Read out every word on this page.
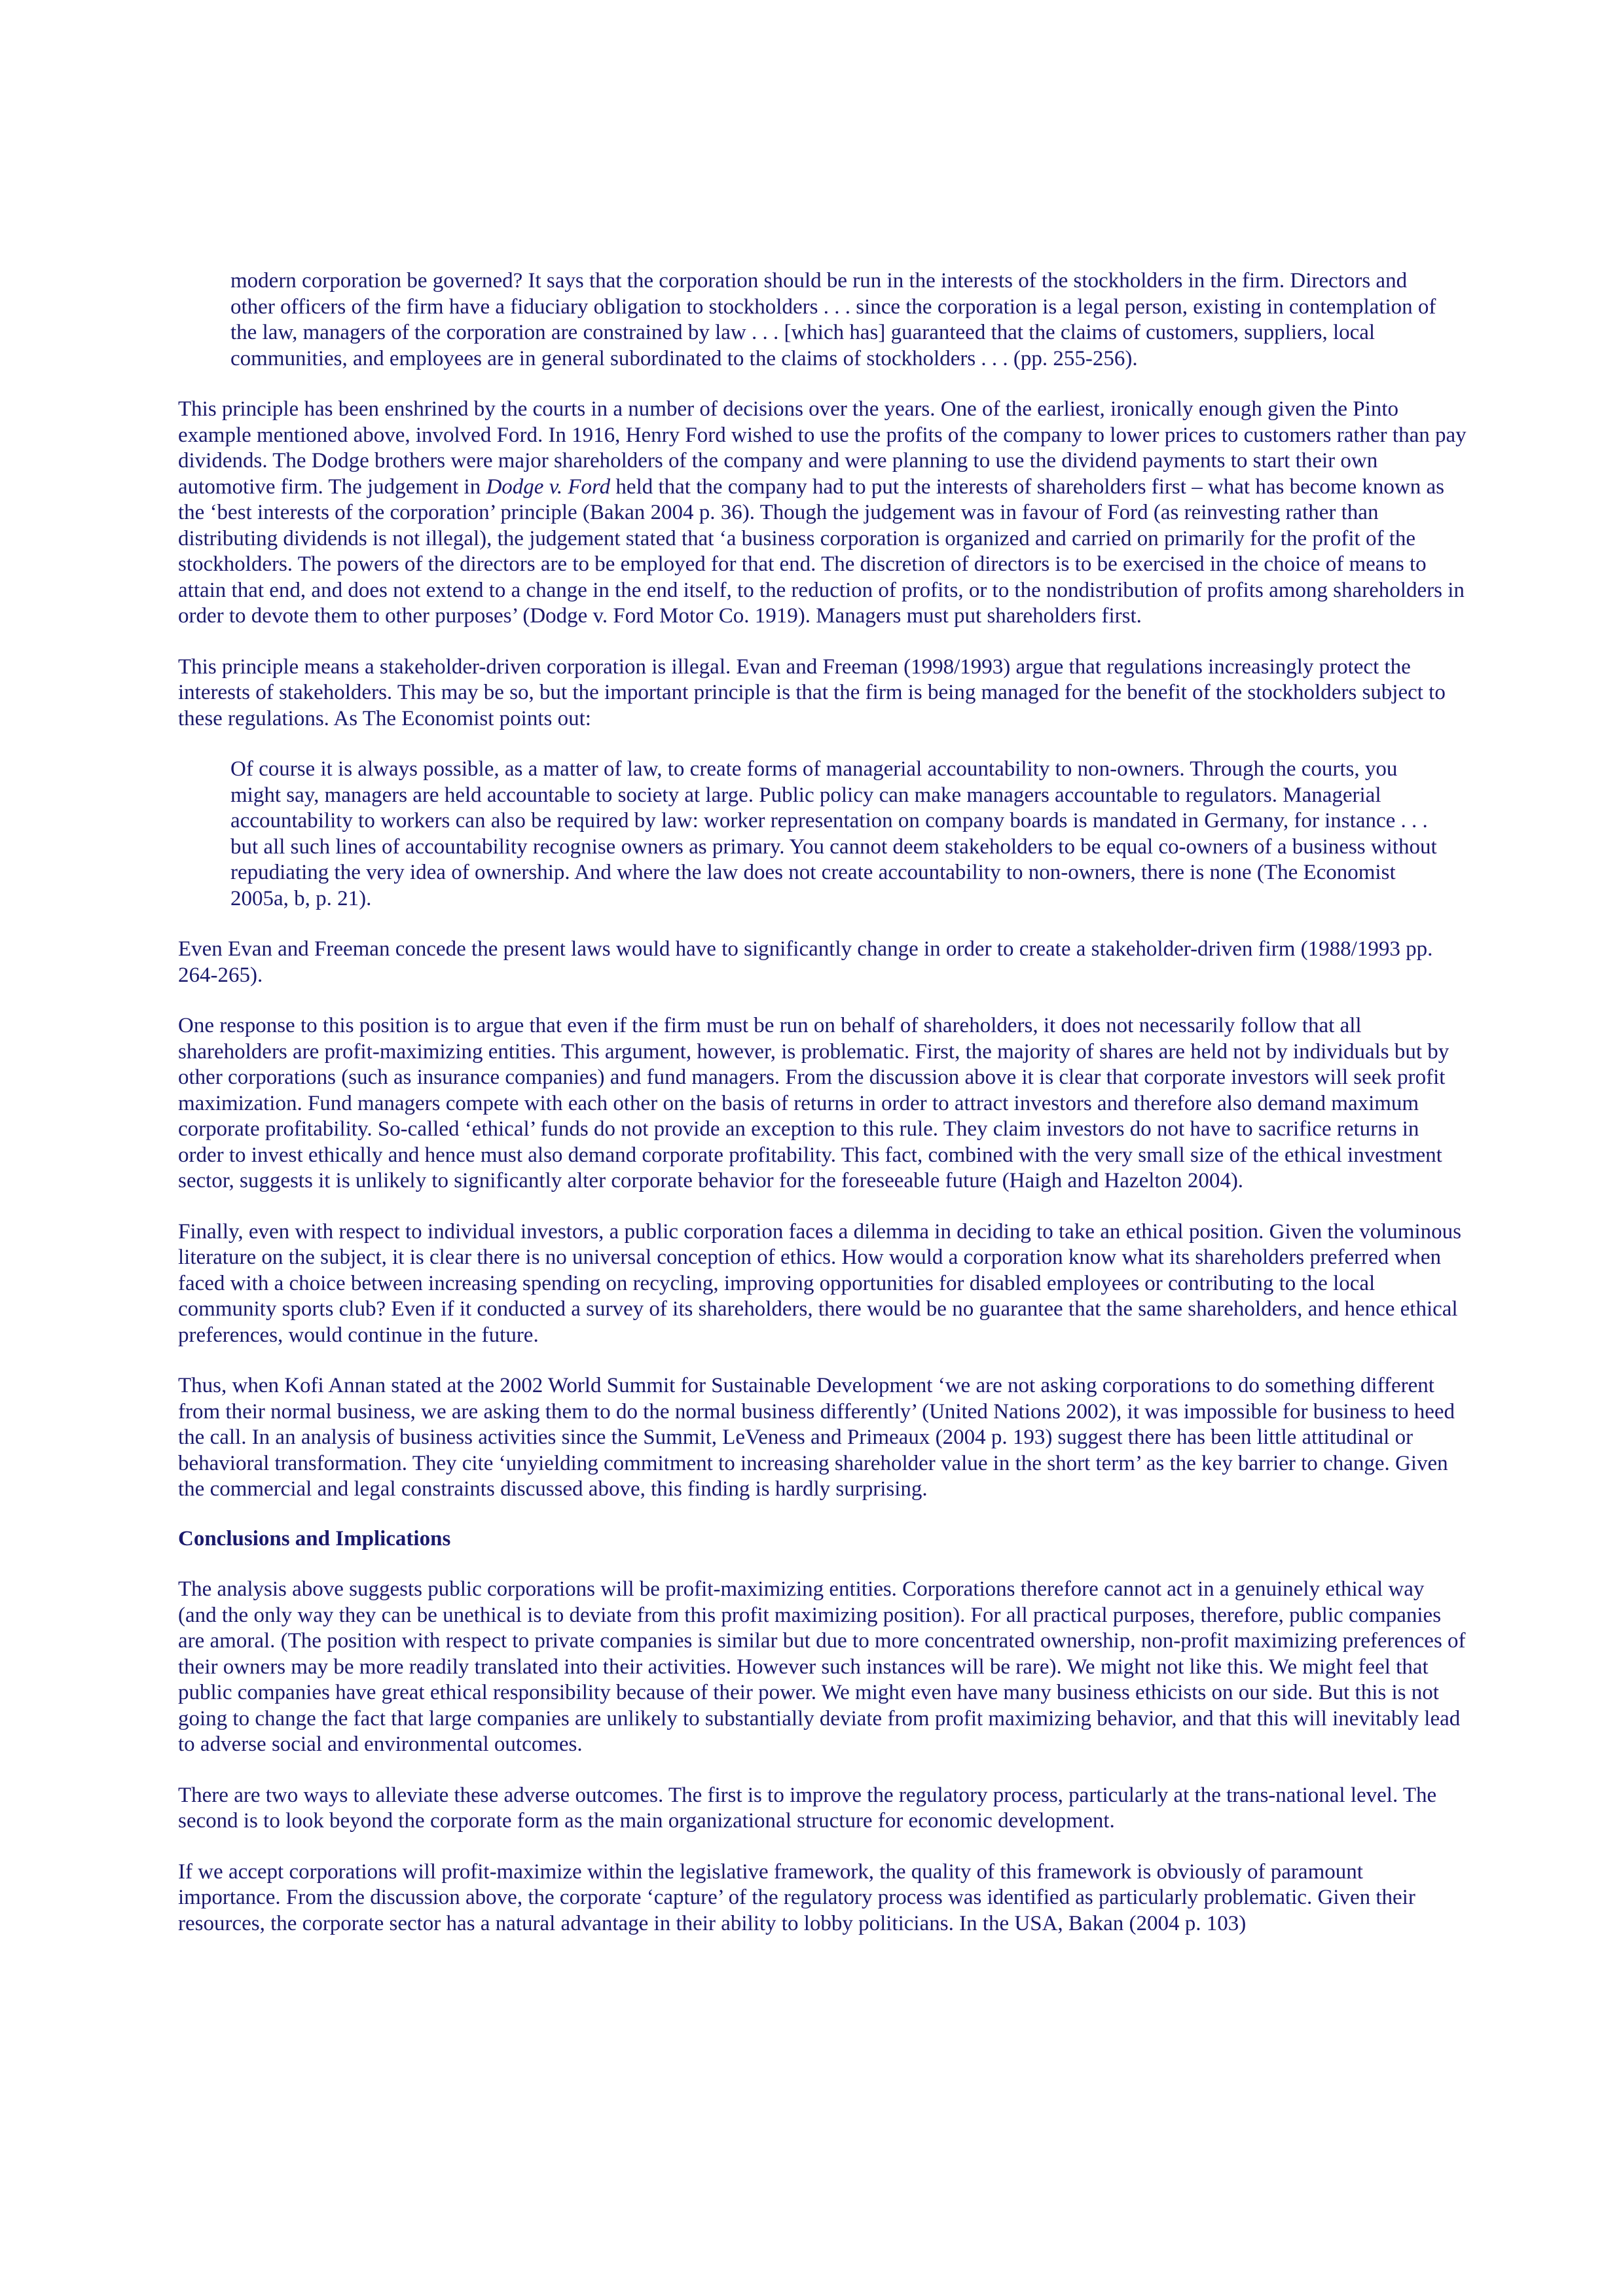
modern corporation be governed? It says that the corporation should be run in the interests of the stockholders in the firm. Directors and other officers of the firm have a fiduciary obligation to stockholders . . . since the corporation is a legal person, existing in contemplation of the law, managers of the corporation are constrained by law . . . [which has] guaranteed that the claims of customers, suppliers, local communities, and employees are in general subordinated to the claims of stockholders . . . (pp. 255-256).

This principle has been enshrined by the courts in a number of decisions over the years. One of the earliest, ironically enough given the Pinto example mentioned above, involved Ford. In 1916, Henry Ford wished to use the profits of the company to lower prices to customers rather than pay dividends. The Dodge brothers were major shareholders of the company and were planning to use the dividend payments to start their own automotive firm. The judgement in Dodge v. Ford held that the company had to put the interests of shareholders first – what has become known as the ‘best interests of the corporation’ principle (Bakan 2004 p. 36). Though the judgement was in favour of Ford (as reinvesting rather than distributing dividends is not illegal), the judgement stated that ‘a business corporation is organized and carried on primarily for the profit of the stockholders. The powers of the directors are to be employed for that end. The discretion of directors is to be exercised in the choice of means to attain that end, and does not extend to a change in the end itself, to the reduction of profits, or to the nondistribution of profits among shareholders in order to devote them to other purposes’ (Dodge v. Ford Motor Co. 1919). Managers must put shareholders first.

This principle means a stakeholder-driven corporation is illegal. Evan and Freeman (1998/1993) argue that regulations increasingly protect the interests of stakeholders. This may be so, but the important principle is that the firm is being managed for the benefit of the stockholders subject to these regulations. As The Economist points out:

Of course it is always possible, as a matter of law, to create forms of managerial accountability to non-owners. Through the courts, you might say, managers are held accountable to society at large. Public policy can make managers accountable to regulators. Managerial accountability to workers can also be required by law: worker representation on company boards is mandated in Germany, for instance . . . but all such lines of accountability recognise owners as primary. You cannot deem stakeholders to be equal co-owners of a business without repudiating the very idea of ownership. And where the law does not create accountability to non-owners, there is none (The Economist 2005a, b, p. 21).

Even Evan and Freeman concede the present laws would have to significantly change in order to create a stakeholder-driven firm (1988/1993 pp. 264-265).

One response to this position is to argue that even if the firm must be run on behalf of shareholders, it does not necessarily follow that all shareholders are profit-maximizing entities. This argument, however, is problematic. First, the majority of shares are held not by individuals but by other corporations (such as insurance companies) and fund managers. From the discussion above it is clear that corporate investors will seek profit maximization. Fund managers compete with each other on the basis of returns in order to attract investors and therefore also demand maximum corporate profitability. So-called ‘ethical’ funds do not provide an exception to this rule. They claim investors do not have to sacrifice returns in order to invest ethically and hence must also demand corporate profitability. This fact, combined with the very small size of the ethical investment sector, suggests it is unlikely to significantly alter corporate behavior for the foreseeable future (Haigh and Hazelton 2004).

Finally, even with respect to individual investors, a public corporation faces a dilemma in deciding to take an ethical position. Given the voluminous literature on the subject, it is clear there is no universal conception of ethics. How would a corporation know what its shareholders preferred when faced with a choice between increasing spending on recycling, improving opportunities for disabled employees or contributing to the local community sports club? Even if it conducted a survey of its shareholders, there would be no guarantee that the same shareholders, and hence ethical preferences, would continue in the future.

Thus, when Kofi Annan stated at the 2002 World Summit for Sustainable Development ‘we are not asking corporations to do something different from their normal business, we are asking them to do the normal business differently’ (United Nations 2002), it was impossible for business to heed the call. In an analysis of business activities since the Summit, LeVeness and Primeaux (2004 p. 193) suggest there has been little attitudinal or behavioral transformation. They cite ‘unyielding commitment to increasing shareholder value in the short term’ as the key barrier to change. Given the commercial and legal constraints discussed above, this finding is hardly surprising.

Conclusions and Implications

The analysis above suggests public corporations will be profit-maximizing entities. Corporations therefore cannot act in a genuinely ethical way (and the only way they can be unethical is to deviate from this profit maximizing position). For all practical purposes, therefore, public companies are amoral. (The position with respect to private companies is similar but due to more concentrated ownership, non-profit maximizing preferences of their owners may be more readily translated into their activities. However such instances will be rare). We might not like this. We might feel that public companies have great ethical responsibility because of their power. We might even have many business ethicists on our side. But this is not going to change the fact that large companies are unlikely to substantially deviate from profit maximizing behavior, and that this will inevitably lead to adverse social and environmental outcomes.

There are two ways to alleviate these adverse outcomes. The first is to improve the regulatory process, particularly at the trans-national level. The second is to look beyond the corporate form as the main organizational structure for economic development.

If we accept corporations will profit-maximize within the legislative framework, the quality of this framework is obviously of paramount importance. From the discussion above, the corporate ‘capture’ of the regulatory process was identified as particularly problematic. Given their resources, the corporate sector has a natural advantage in their ability to lobby politicians. In the USA, Bakan (2004 p. 103)
